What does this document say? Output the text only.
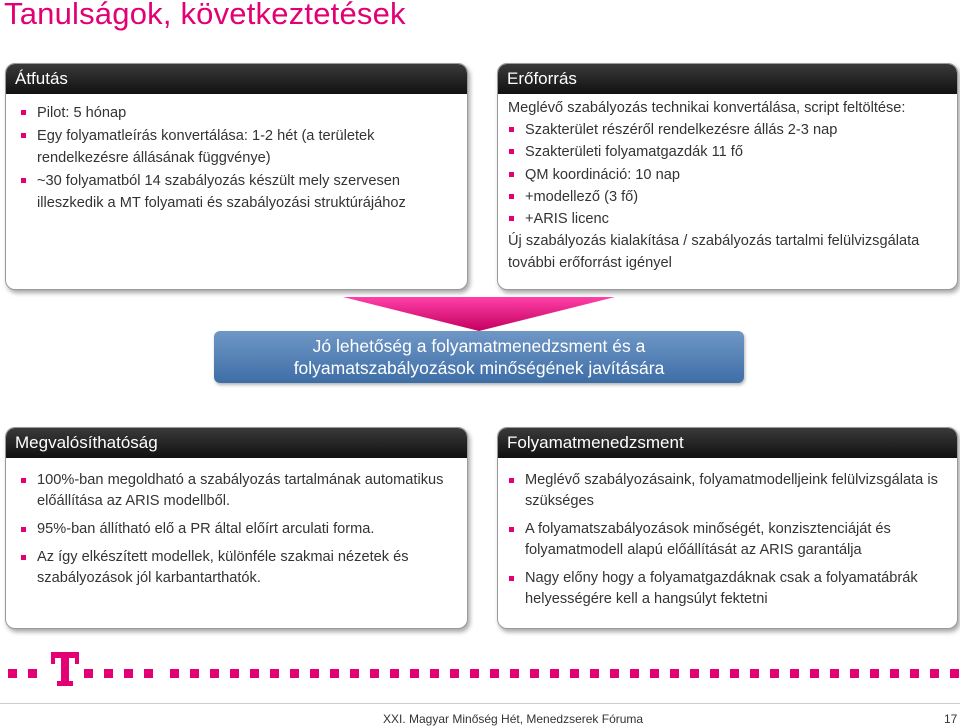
Tanulságok, következtetések
Átfutás
Pilot: 5 hónap
Egy folyamatleírás konvertálása: 1-2 hét (a területek rendelkezésre állásának függvénye)
~30 folyamatból 14 szabályozás készült mely szervesen illeszkedik a MT folyamati és szabályozási struktúrájához
Erőforrás
Meglévő szabályozás technikai konvertálása, script feltöltése:
Szakterület részéről rendelkezésre állás 2-3 nap
Szakterületi folyamatgazdák 11 fő
QM koordináció: 10 nap
+modellező (3 fő)
+ARIS licenc
Új szabályozás kialakítása / szabályozás tartalmi felülvizsgálata további erőforrást igényel
Jó lehetőség a folyamatmenedzsment és a
folyamatszabályozások minőségének javítására
Megvalósíthatóság
100%-ban megoldható a szabályozás tartalmának automatikus előállítása az ARIS modellből.
95%-ban állítható elő a PR által előírt arculati forma.
Az így elkészített modellek, különféle szakmai nézetek és szabályozások jól karbantarthatók.
Folyamatmenedzsment
Meglévő szabályozásaink, folyamatmodelljeink felülvizsgálata is szükséges
A folyamatszabályozások minőségét, konzisztenciáját és folyamatmodell alapú előállítását az ARIS garantálja
Nagy előny hogy a folyamatgazdáknak csak a folyamatábrák helyességére kell a hangsúlyt fektetni
XXI. Magyar Minőség Hét, Menedzserek Fóruma	17
